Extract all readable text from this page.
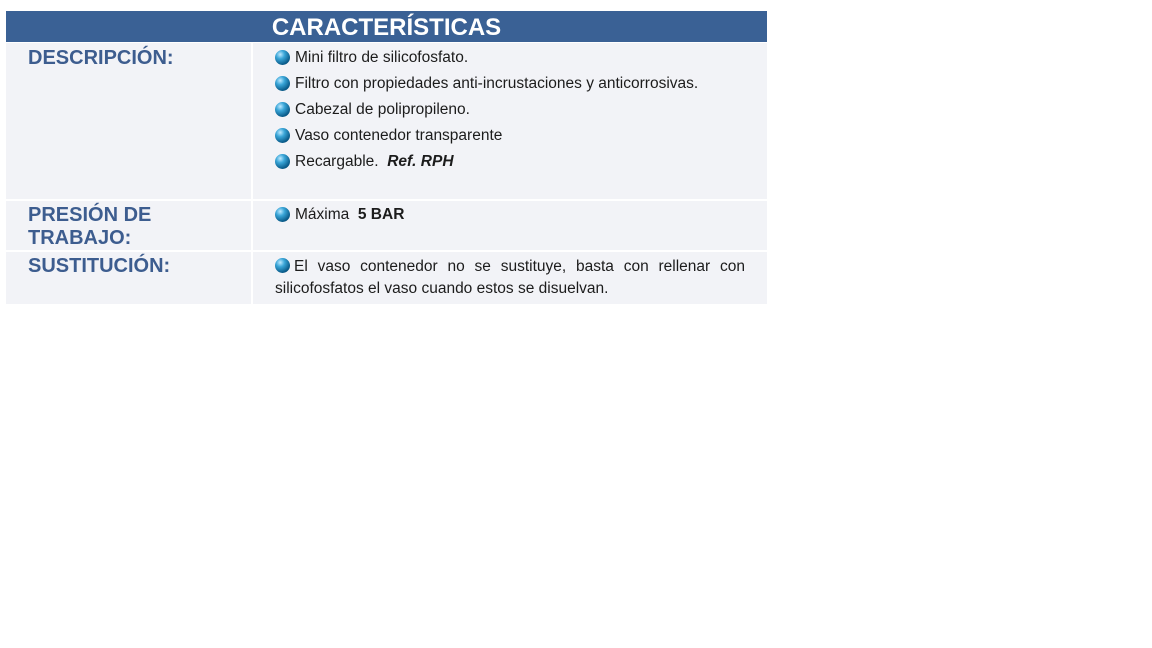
CARACTERÍSTICAS
DESCRIPCIÓN:	Mini filtro de silicofosfato.
Filtro con propiedades anti-incrustaciones y anticorrosivas.
Cabezal de polipropileno.
Vaso contenedor transparente
Recargable.  Ref. RPH

PRESIÓN DE TRABAJO:	Máxima  5 BAR

SUSTITUCIÓN:	El vaso contenedor no se sustituye, basta con rellenar con silicofosfatos el vaso cuando estos se disuelvan.
